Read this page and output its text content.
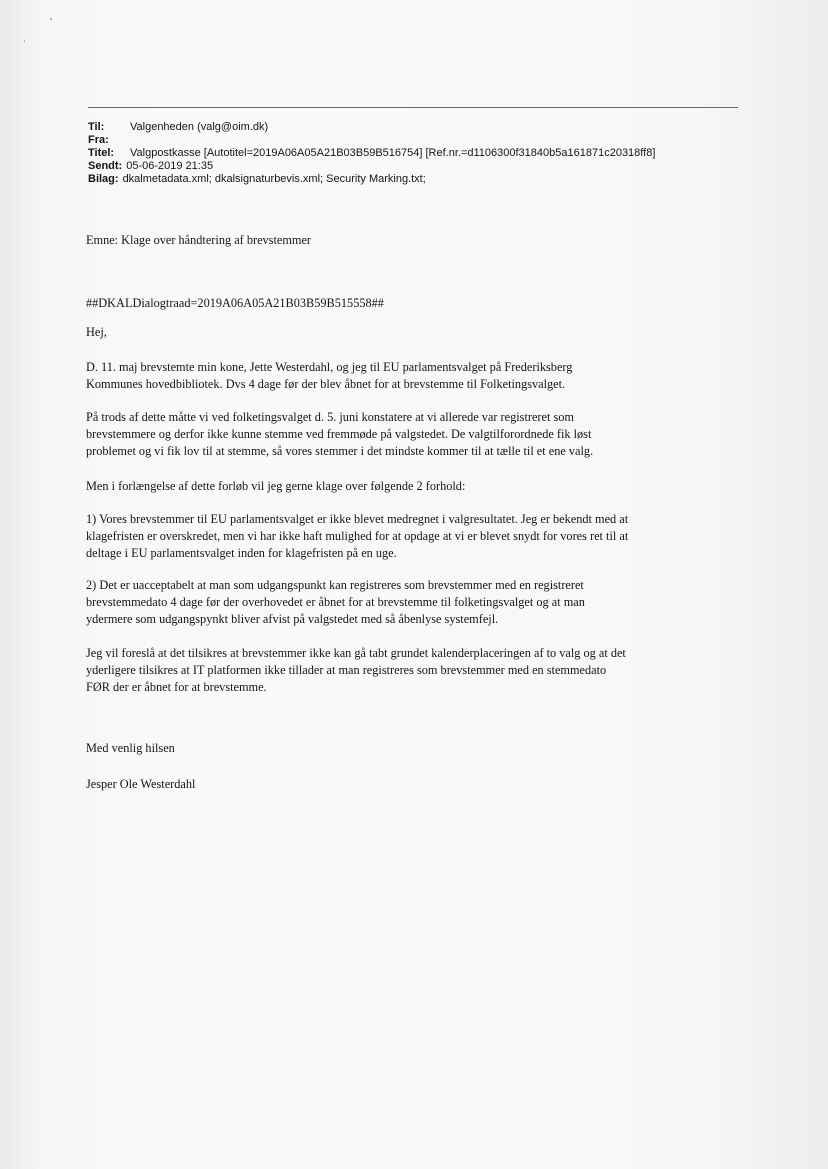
Til:	Valgenheden (valg@oim.dk)
Fra:
Titel:	Valgpostkasse [Autotitel=2019A06A05A21B03B59B516754] [Ref.nr.=d1106300f31840b5a161871c20318ff8]
Sendt: 05-06-2019 21:35
Bilag: dkalmetadata.xml; dkalsignaturbevis.xml; Security Marking.txt;
Emne: Klage over håndtering af brevstemmer
##DKALDialogtraad=2019A06A05A21B03B59B515558##
Hej,
D. 11. maj brevstemte min kone, Jette Westerdahl, og jeg til EU parlamentsvalget på Frederiksberg
Kommunes hovedbibliotek. Dvs 4 dage før der blev åbnet for at brevstemme til Folketingsvalget.
På trods af dette måtte vi ved folketingsvalget d. 5. juni konstatere at vi allerede var registreret som
brevstemmere og derfor ikke kunne stemme ved fremmøde på valgstedet. De valgtilforordnede fik løst
problemet og vi fik lov til at stemme, så vores stemmer i det mindste kommer til at tælle til et ene valg.
Men i forlængelse af dette forløb vil jeg gerne klage over følgende 2 forhold:
1) Vores brevstemmer til EU parlamentsvalget er ikke blevet medregnet i valgresultatet. Jeg er bekendt med at
klagefristen er overskredet, men vi har ikke haft mulighed for at opdage at vi er blevet snydt for vores ret til at
deltage i EU parlamentsvalget inden for klagefristen på en uge.
2) Det er uacceptabelt at man som udgangspunkt kan registreres som brevstemmer med en registreret
brevstemmedato 4 dage før der overhovedet er åbnet for at brevstemme til folketingsvalget og at man
ydermere som udgangspynkt bliver afvist på valgstedet med så åbenlyse systemfejl.
Jeg vil foreslå at det tilsikres at brevstemmer ikke kan gå tabt grundet kalenderplaceringen af to valg og at det
yderligere tilsikres at IT platformen ikke tillader at man registreres som brevstemmer med en stemmedato
FØR der er åbnet for at brevstemme.
Med venlig hilsen
Jesper Ole Westerdahl
